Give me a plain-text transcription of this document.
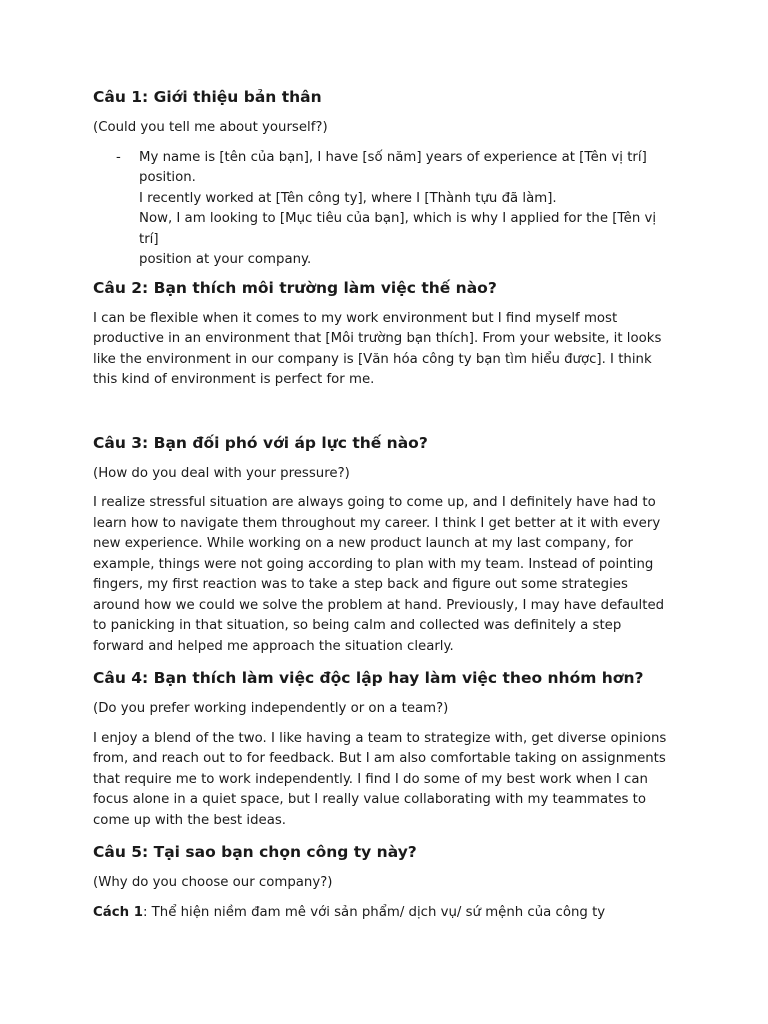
Câu 1: Giới thiệu bản thân

(Could you tell me about yourself?)

- My name is [tên của bạn], I have [số năm] years of experience at [Tên vị trí] position.
I recently worked at [Tên công ty], where I [Thành tựu đã làm].
Now, I am looking to [Mục tiêu của bạn], which is why I applied for the [Tên vị trí]
position at your company.
Câu 2: Bạn thích môi trường làm việc thế nào?

I can be flexible when it comes to my work environment but I find myself most productive in an environment that [Môi trường bạn thích]. From your website, it looks like the environment in our company is [Văn hóa công ty bạn tìm hiểu được]. I think this kind of environment is perfect for me.

Câu 3: Bạn đối phó với áp lực thế nào?

(How do you deal with your pressure?)

I realize stressful situation are always going to come up, and I definitely have had to learn how to navigate them throughout my career. I think I get better at it with every new experience. While working on a new product launch at my last company, for example, things were not going according to plan with my team. Instead of pointing fingers, my first reaction was to take a step back and figure out some strategies around how we could we solve the problem at hand. Previously, I may have defaulted to panicking in that situation, so being calm and collected was definitely a step forward and helped me approach the situation clearly.

Câu 4: Bạn thích làm việc độc lập hay làm việc theo nhóm hơn?

(Do you prefer working independently or on a team?)

I enjoy a blend of the two. I like having a team to strategize with, get diverse opinions from, and reach out to for feedback. But I am also comfortable taking on assignments that require me to work independently. I find I do some of my best work when I can focus alone in a quiet space, but I really value collaborating with my teammates to come up with the best ideas.

Câu 5: Tại sao bạn chọn công ty này?

(Why do you choose our company?)

Cách 1: Thể hiện niềm đam mê với sản phẩm/ dịch vụ/ sứ mệnh của công ty
